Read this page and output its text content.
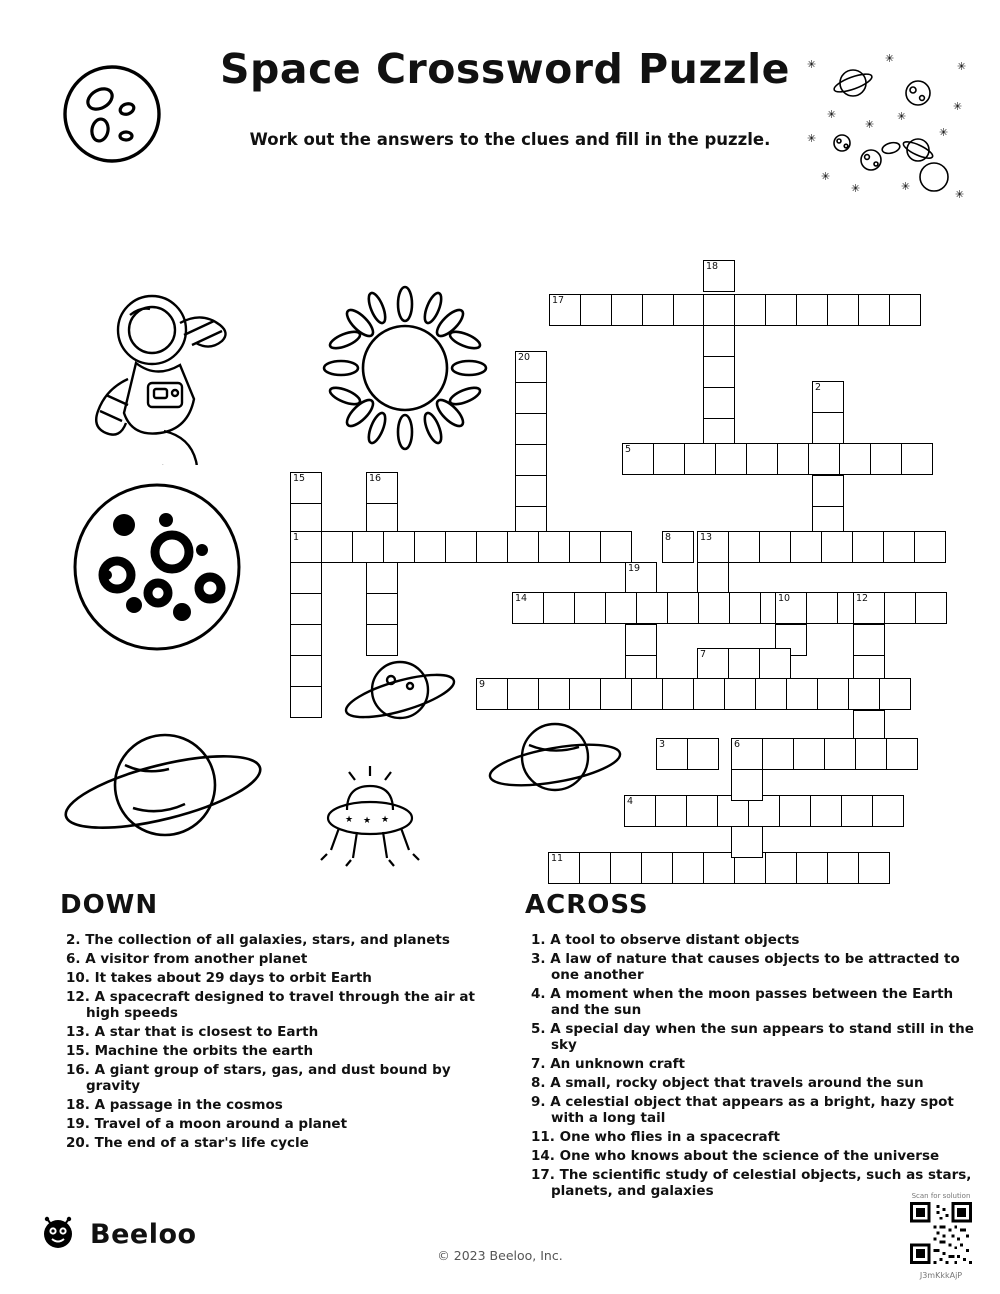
Space Crossword Puzzle
Work out the answers to the clues and fill in the puzzle.
✳	✳
✳
✳
✳
✳
✳
✳
✳
✳	✳
✳
✳
★ ★ ★
18
17
20
2
5
15	16
1	8	13
19
14	10	12
7
9
3	6
4
11
DOWN
2. The collection of all galaxies, stars, and planets
6. A visitor from another planet
10. It takes about 29 days to orbit Earth
12. A spacecraft designed to travel through the air at high speeds
13. A star that is closest to Earth
15. Machine the orbits the earth
16. A giant group of stars, gas, and dust bound by gravity
18. A passage in the cosmos
19. Travel of a moon around a planet
20. The end of a star's life cycle
ACROSS
1. A tool to observe distant objects
3. A law of nature that causes objects to be attracted to one another
4. A moment when the moon passes between the Earth and the sun
5. A special day when the sun appears to stand still in the sky
7. An unknown craft
8. A small, rocky object that travels around the sun
9. A celestial object that appears as a bright, hazy spot with a long tail
11. One who flies in a spacecraft
14. One who knows about the science of the universe
17. The scientific study of celestial objects, such as stars, planets, and galaxies
Beeloo
© 2023 Beeloo, Inc.
Scan for solution
J3mKkkAjP
